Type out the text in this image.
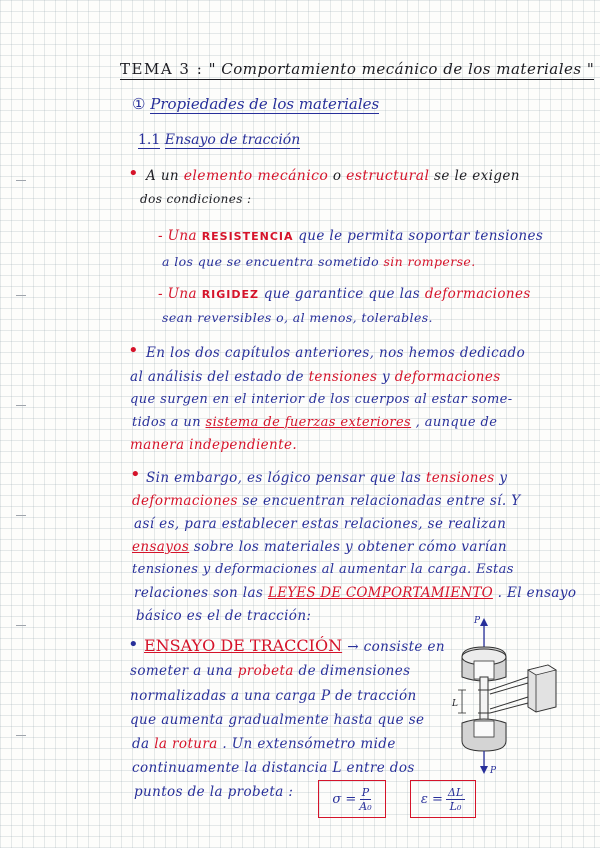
TEMA 3 : " Comportamiento mecánico de los materiales "
① Propiedades de los materiales
1.1 Ensayo de tracción
• A un elemento mecánico o estructural se le exigen
dos condiciones :
- Una RESISTENCIA que le permita soportar tensiones
a los que se encuentra sometido sin romperse.
- Una RIGIDEZ que garantice que las deformaciones
sean reversibles o, al menos, tolerables.
• En los dos capítulos anteriores, nos hemos dedicado
al análisis del estado de tensiones y deformaciones
que surgen en el interior de los cuerpos al estar some-
tidos a un sistema de fuerzas exteriores , aunque de
manera independiente.
• Sin embargo, es lógico pensar que las tensiones y
deformaciones se encuentran relacionadas entre sí. Y
así es, para establecer estas relaciones, se realizan
ensayos sobre los materiales y obtener cómo varían
tensiones y deformaciones al aumentar la carga. Estas
relaciones son las LEYES DE COMPORTAMIENTO . El ensayo
básico es el de tracción:
• ENSAYO DE TRACCIÓN → consiste en
someter a una probeta de dimensiones
normalizadas a una carga P de tracción
que aumenta gradualmente hasta que se
da la rotura . Un extensómetro mide
continuamente la distancia L entre dos
puntos de la probeta :	$\sigma = \frac{P}{\text{A₀}}$	$\varepsilon = \frac{\Delta L}{\text{L₀}}$
P
L
P
